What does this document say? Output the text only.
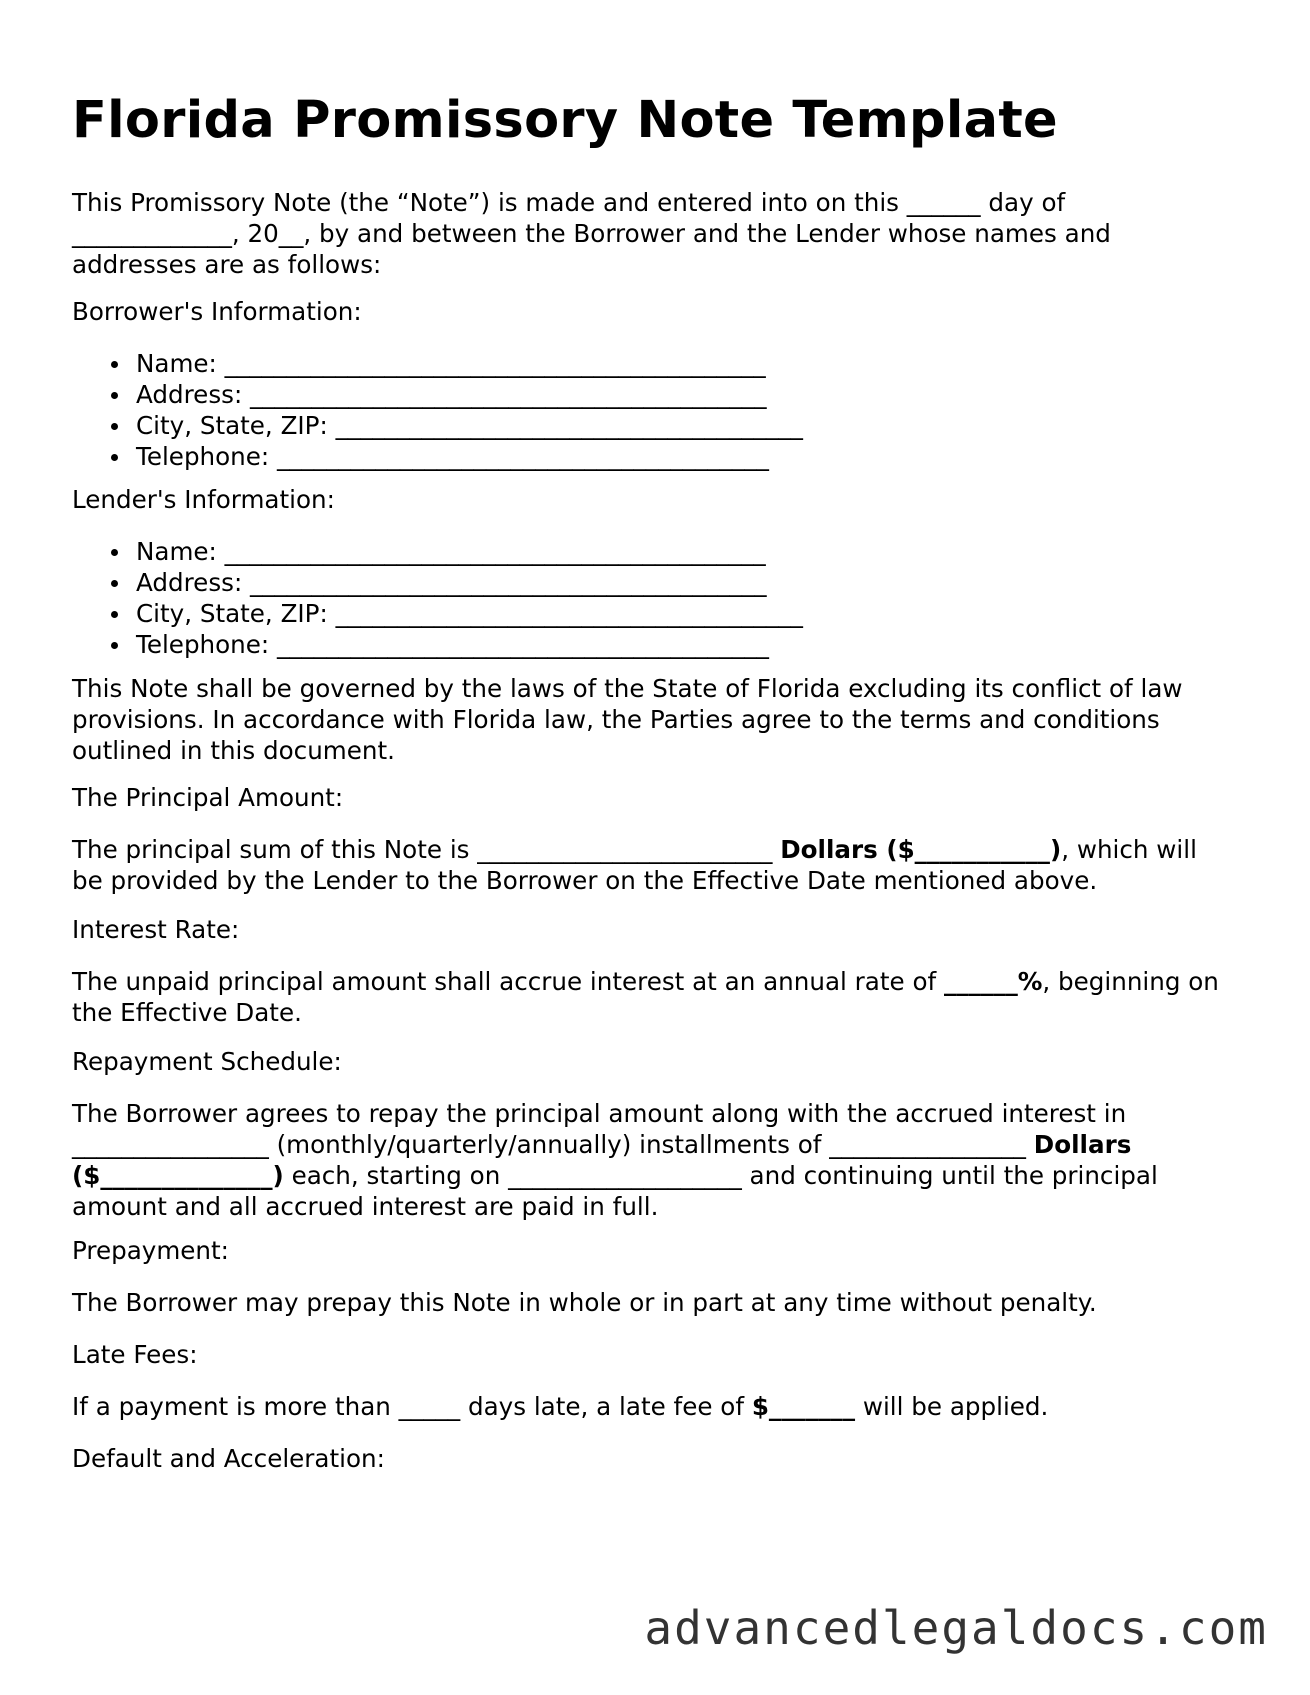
Florida Promissory Note Template

This Promissory Note (the “Note”) is made and entered into on this ______ day of _____________, 20__, by and between the Borrower and the Lender whose names and addresses are as follows:

Borrower's Information:

Name: ____________________________________________
Address: __________________________________________
City, State, ZIP: ______________________________________
Telephone: ________________________________________

Lender's Information:

Name: ____________________________________________
Address: __________________________________________
City, State, ZIP: ______________________________________
Telephone: ________________________________________

This Note shall be governed by the laws of the State of Florida excluding its conflict of law provisions. In accordance with Florida law, the Parties agree to the terms and conditions outlined in this document.

The Principal Amount:

The principal sum of this Note is ________________________ Dollars ($___________), which will be provided by the Lender to the Borrower on the Effective Date mentioned above.

Interest Rate:

The unpaid principal amount shall accrue interest at an annual rate of ______%, beginning on the Effective Date.

Repayment Schedule:

The Borrower agrees to repay the principal amount along with the accrued interest in ________________ (monthly/quarterly/annually) installments of ________________ Dollars ($______________) each, starting on ___________________ and continuing until the principal amount and all accrued interest are paid in full.

Prepayment:

The Borrower may prepay this Note in whole or in part at any time without penalty.

Late Fees:

If a payment is more than _____ days late, a late fee of $_______ will be applied.

Default and Acceleration:

advancedlegaldocs.com
